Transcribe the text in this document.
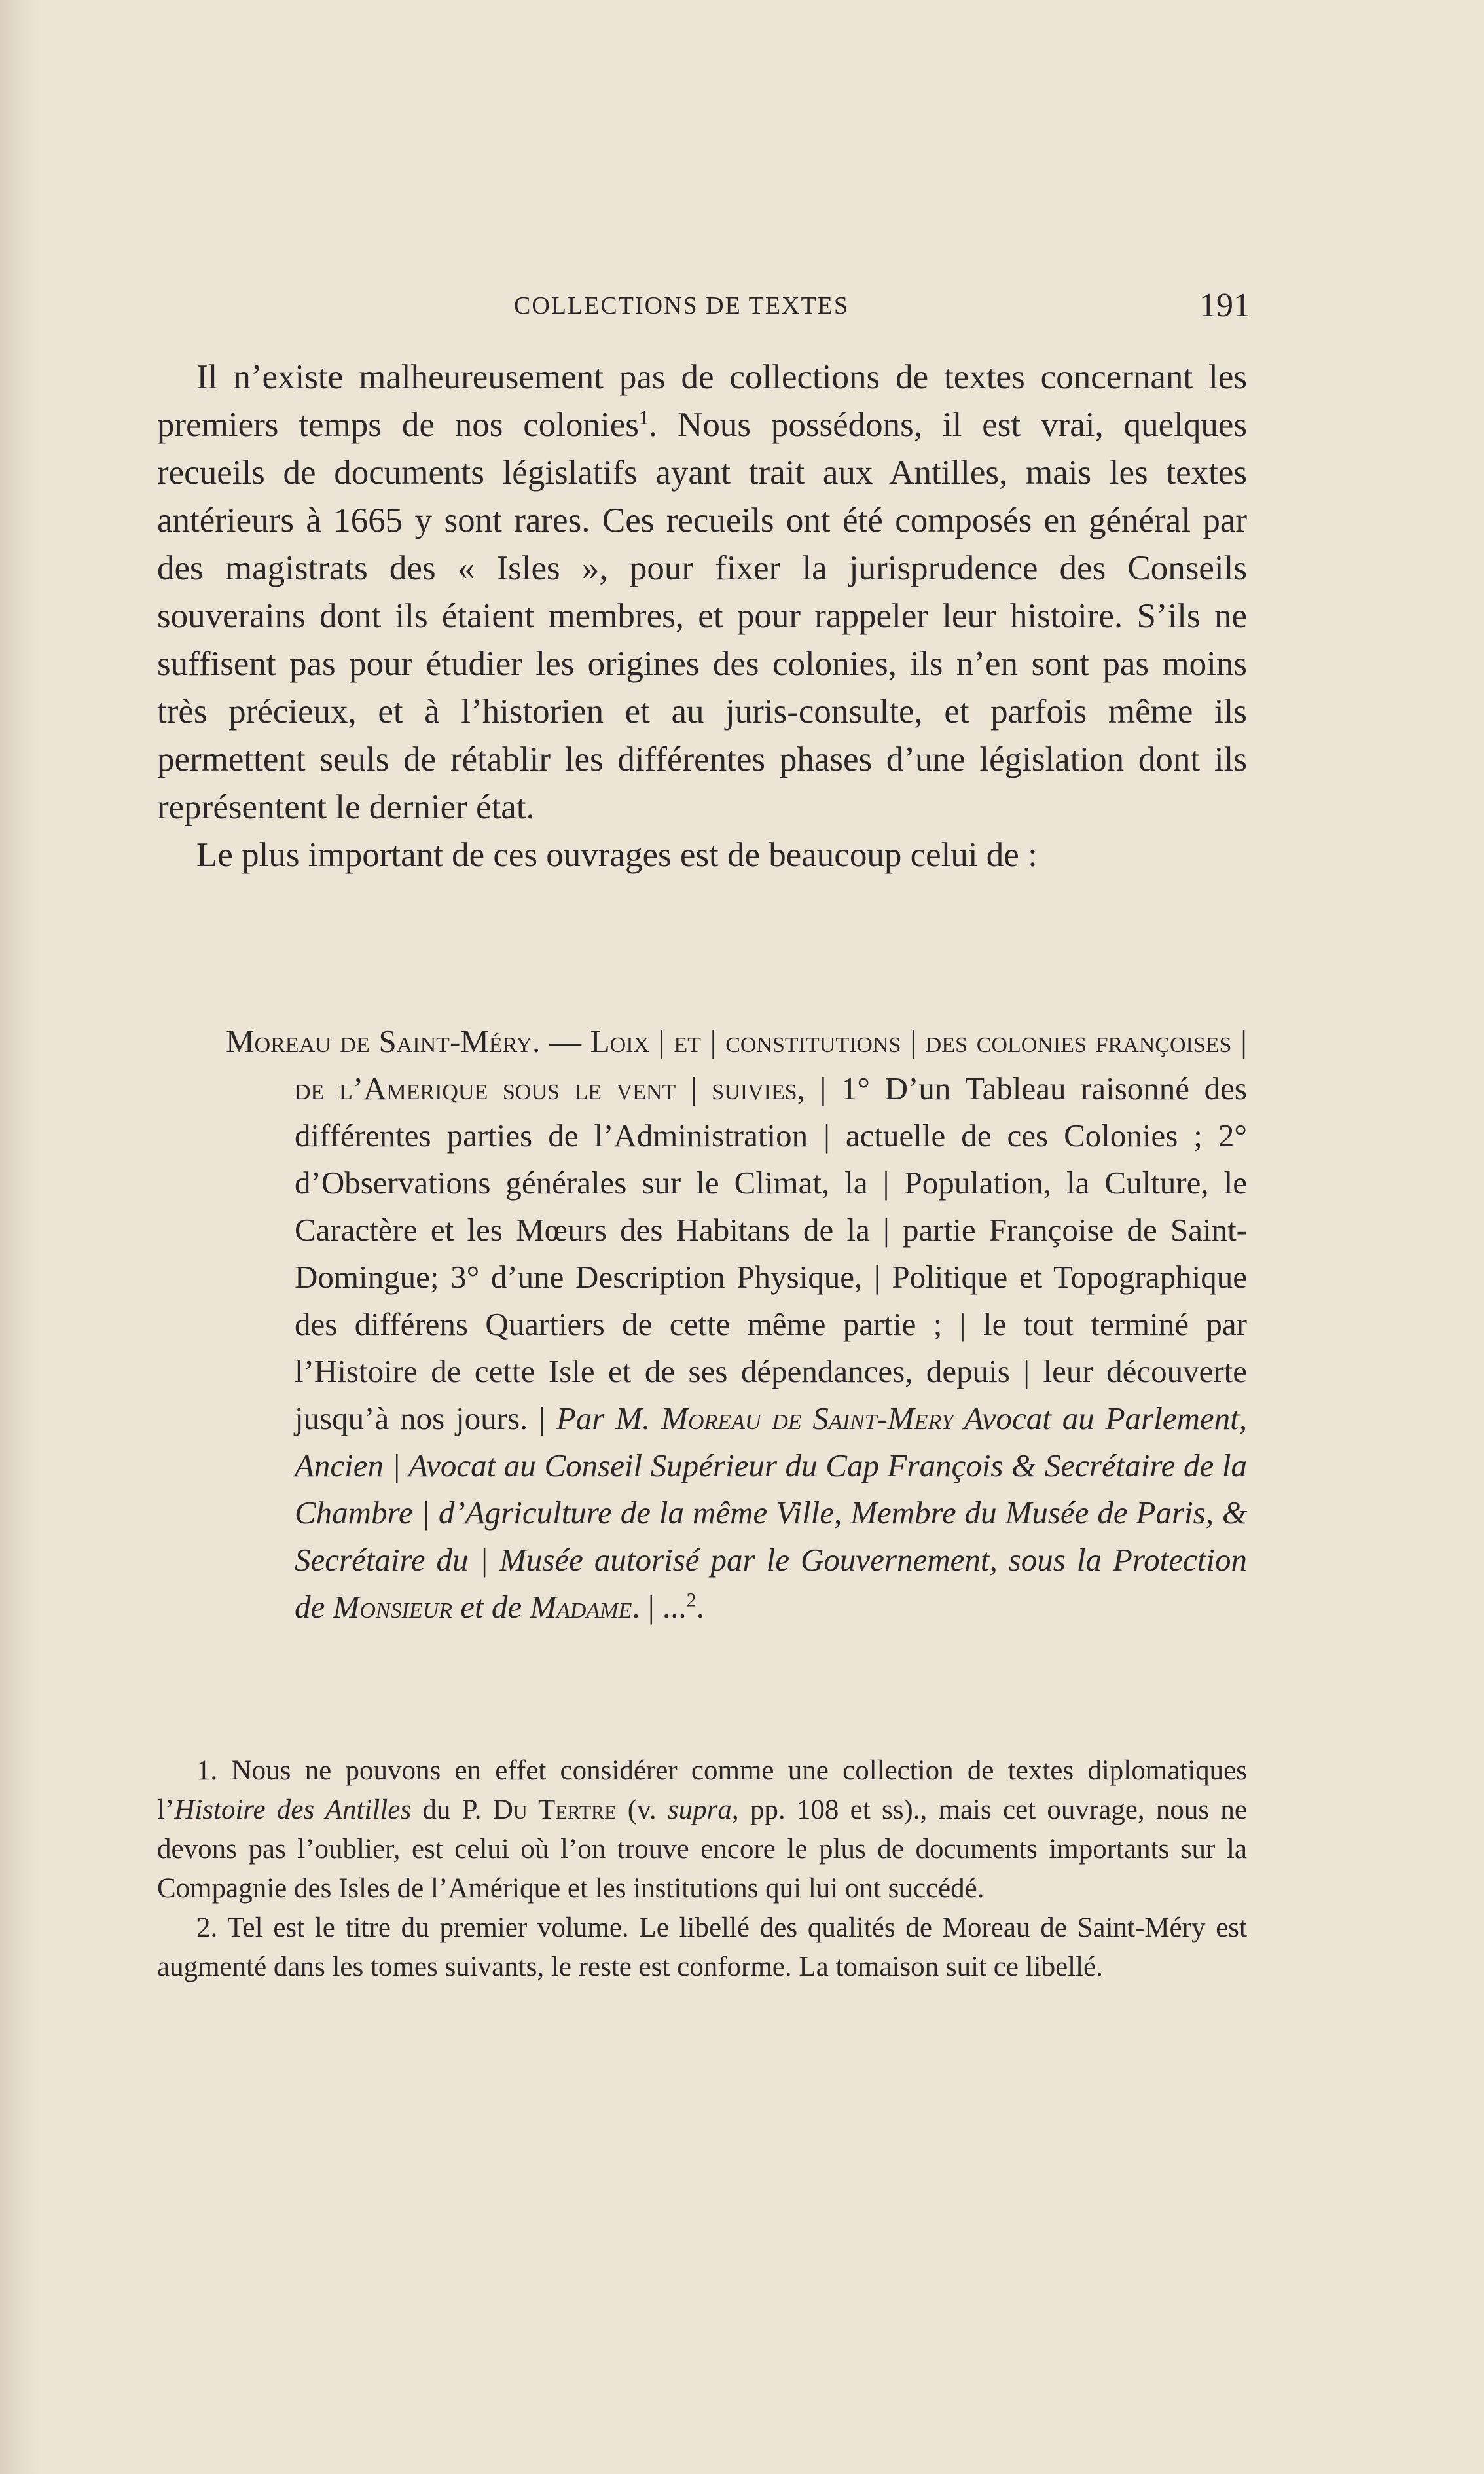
COLLECTIONS DE TEXTES	191

Il n’existe malheureusement pas de collections de textes concernant les premiers temps de nos colonies$^1$. Nous possédons, il est vrai, quelques recueils de documents législatifs ayant trait aux Antilles, mais les textes antérieurs à 1665 y sont rares. Ces recueils ont été composés en général par des magistrats des « Isles », pour fixer la jurisprudence des Conseils souverains dont ils étaient membres, et pour rappeler leur histoire. S’ils ne suffisent pas pour étudier les origines des colonies, ils n’en sont pas moins très précieux, et à l’historien et au juris-consulte, et parfois même ils permettent seuls de rétablir les différentes phases d’une législation dont ils représentent le dernier état.

Le plus important de ces ouvrages est de beaucoup celui de :

Moreau de Saint-Méry. — Loix | et | constitutions | des colonies françoises | de l’Amerique sous le vent | suivies, | 1° D’un Tableau raisonné des différentes parties de l’Administration | actuelle de ces Colonies ; 2° d’Observations générales sur le Climat, la | Population, la Culture, le Caractère et les Mœurs des Habitans de la | partie Françoise de Saint-Domingue; 3° d’une Description Physique, | Politique et Topographique des différens Quartiers de cette même partie ; | le tout terminé par l’Histoire de cette Isle et de ses dépendances, depuis | leur découverte jusqu’à nos jours. | Par M. Moreau de Saint-Mery Avocat au Parlement, Ancien | Avocat au Conseil Supérieur du Cap François & Secrétaire de la Chambre | d’Agriculture de la même Ville, Membre du Musée de Paris, & Secrétaire du | Musée autorisé par le Gouvernement, sous la Protection de Monsieur et de Madame. | ...$^2$.

1. Nous ne pouvons en effet considérer comme une collection de textes diplomatiques l’Histoire des Antilles du P. Du Tertre (v. supra, pp. 108 et ss)., mais cet ouvrage, nous ne devons pas l’oublier, est celui où l’on trouve encore le plus de documents importants sur la Compagnie des Isles de l’Amérique et les institutions qui lui ont succédé.

2. Tel est le titre du premier volume. Le libellé des qualités de Moreau de Saint-Méry est augmenté dans les tomes suivants, le reste est conforme. La tomaison suit ce libellé.
